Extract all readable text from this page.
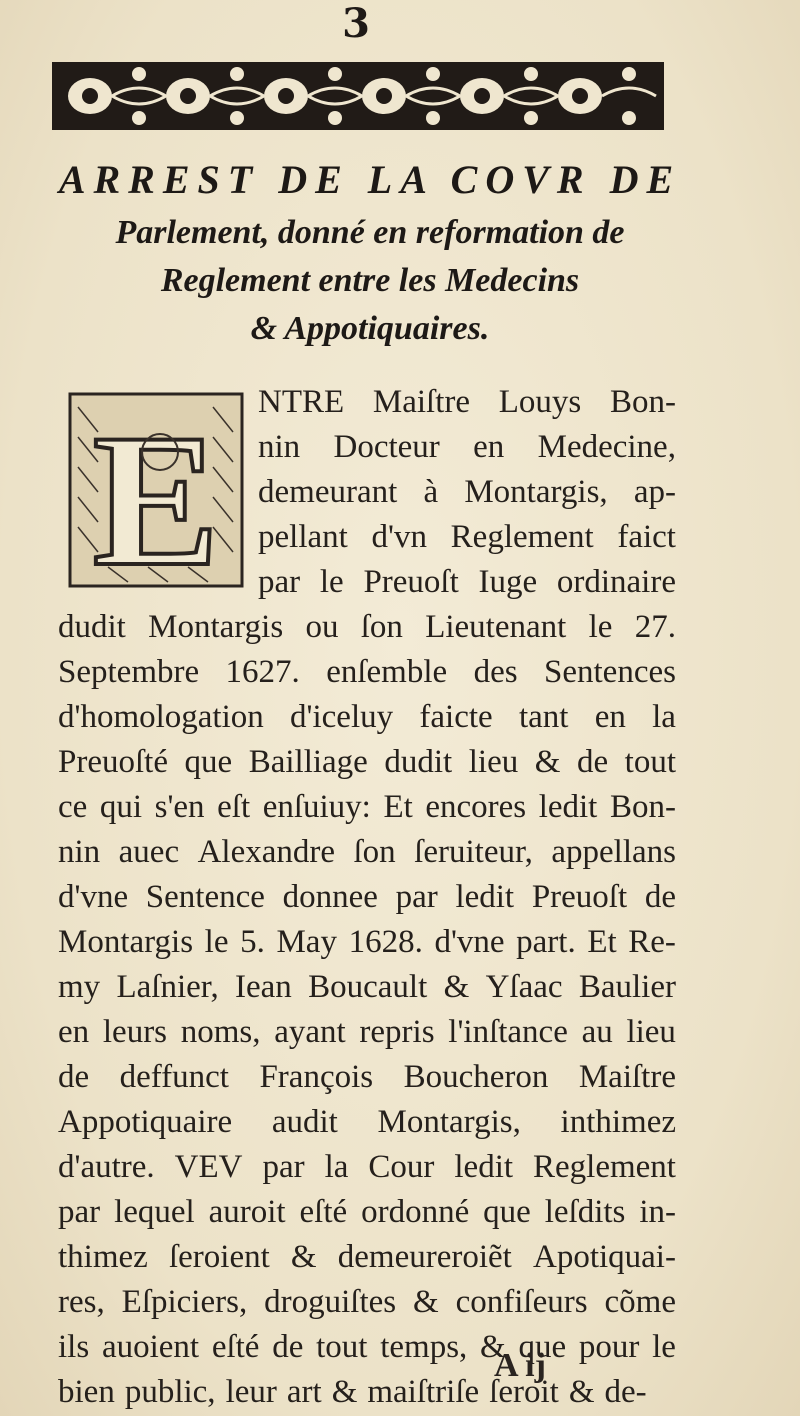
3
ARREST DE LA COVR DE
Parlement, donné en reformation de
Reglement entre les Medecins
& Appotiquaires.
E NTRE Maiſtre Louys Bon-
nin Docteur en Medecine,
demeurant à Montargis, ap-
pellant d'vn Reglement faict
par le Preuoſt Iuge ordinaire
dudit Montargis ou ſon Lieutenant le 27.
Septembre 1627. enſemble des Sentences
d'homologation d'iceluy faicte tant en la
Preuoſté que Bailliage dudit lieu & de tout
ce qui s'en eſt enſuiuy: Et encores ledit Bon-
nin auec Alexandre ſon ſeruiteur, appellans
d'vne Sentence donnee par ledit Preuoſt de
Montargis le 5. May 1628. d'vne part. Et Re-
my Laſnier, Iean Boucault & Yſaac Baulier
en leurs noms, ayant repris l'inſtance au lieu
de deffunct François Boucheron Maiſtre
Appotiquaire audit Montargis, inthimez
d'autre. VEV par la Cour ledit Reglement
par lequel auroit eſté ordonné que leſdits in-
thimez ſeroient & demeureroiẽt Apotiquai-
res, Eſpiciers, droguiſtes & confiſeurs cõme
ils auoient eſté de tout temps, & que pour le
bien public, leur art & maiſtriſe ſeroit & de-
A ij
